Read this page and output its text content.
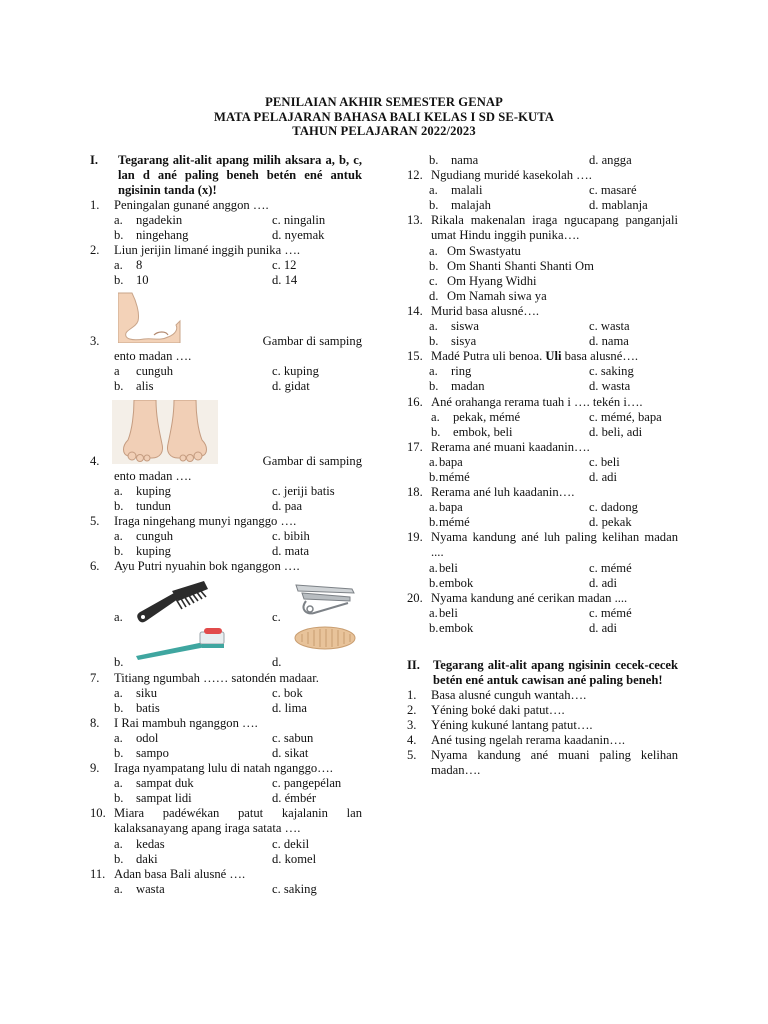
PENILAIAN AKHIR SEMESTER GENAP
MATA PELAJARAN BAHASA BALI KELAS I SD SE-KUTA
TAHUN PELAJARAN 2022/2023
I.	Tegarang alit-alit apang milih aksara a, b, c, lan d ané paling beneh betén ené antuk ngisinin tanda (x)!
1. Peningalan gunané anggon ….
a. ngadekin	c. ningalin
b. ningehang	d. nyemak
2. Liun jerijin limané inggih punika ….
a. 8	c. 12
b. 10	d. 14
3.	Gambar di samping
ento madan ….
a cunguh	c. kuping
b. alis	d. gidat
4.	Gambar di samping
ento madan ….
a. kuping	c. jeriji batis
b. tundun	d. paa
5. Iraga ningehang munyi nganggo ….
a. cunguh	c. bibih
b. kuping	d. mata
6. Ayu Putri nyuahin bok nganggon ….
a.	c.
b.	d.
7. Titiang ngumbah …… satondén madaar.
a. siku	c. bok
b. batis	d. lima
8. I Rai mambuh nganggon ….
a. odol	c. sabun
b. sampo	d. sikat
9. Iraga nyampatang lulu di natah nganggo….
a. sampat duk	c. pangepélan
b. sampat lidi	d. émbér
10. Miara padéwékan patut kajalanin lan kalaksanayang apang iraga satata ….
a. kedas	c. dekil
b. daki	d. komel
11. Adan basa Bali alusné ….
a. wasta	c. saking
b. nama	d. angga
12. Ngudiang muridé kasekolah ….
a. malali	c. masaré
b. malajah	d. mablanja
13. Rikala makenalan iraga ngucapang panganjali umat Hindu inggih punika….
a. Om Swastyatu
b. Om Shanti Shanti Shanti Om
c. Om Hyang Widhi
d. Om Namah siwa ya
14. Murid basa alusné….
a. siswa	c. wasta
b. sisya	d. nama
15. Madé Putra uli benoa. Uli basa alusné….
a. ring	c. saking
b. madan	d. wasta
16. Ané orahanga rerama tuah i …. tekén i….
a. pekak, mémé	c. mémé, bapa
b. embok, beli	d. beli, adi
17. Rerama ané muani kaadanin….
a.bapa	c. beli
b.mémé	d. adi
18. Rerama ané luh kaadanin….
a.bapa	c. dadong
b.mémé	d. pekak
19. Nyama kandung ané luh paling kelihan madan ....
a.beli	c. mémé
b.embok	d. adi
20. Nyama kandung ané cerikan madan ....
a.beli	c. mémé
b.embok	d. adi
II. Tegarang alit-alit apang ngisinin cecek-cecek betén ené antuk cawisan ané paling beneh!
1. Basa alusné cunguh wantah….
2. Yéning boké daki patut….
3. Yéning kukuné lantang patut….
4. Ané tusing ngelah rerama kaadanin….
5. Nyama kandung ané muani paling kelihan madan….
